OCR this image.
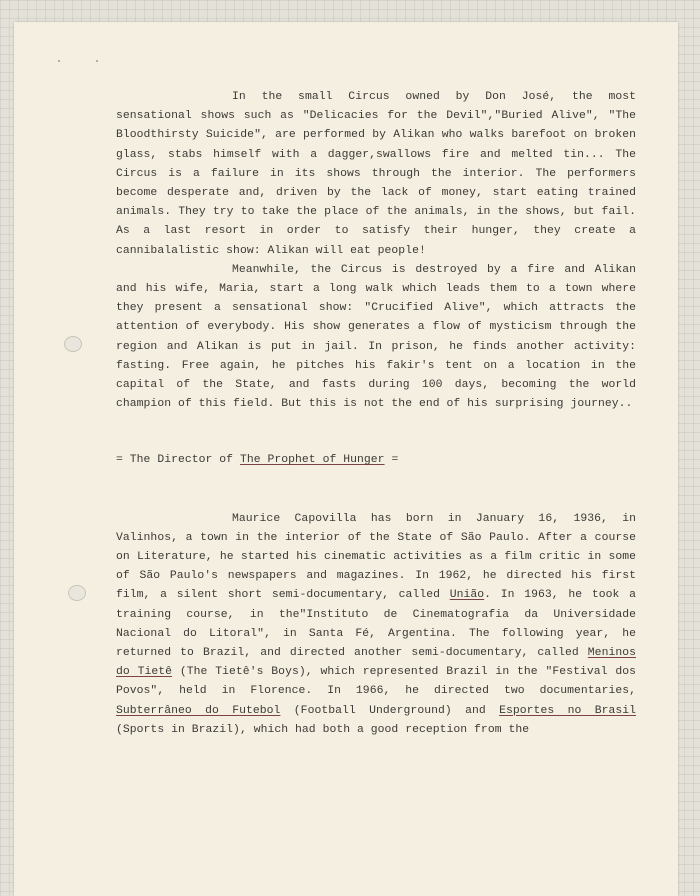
In the small Circus owned by Don José, the most sensational shows such as "Delicacies for the Devil","Buried Alive", "The Bloodthirsty Suicide", are performed by Alikan who walks barefoot on broken glass, stabs himself with a dagger,swallows fire and melted tin... The Circus is a failure in its shows through the interior. The performers become desperate and, driven by the lack of money, start eating trained animals. They try to take the place of the animals, in the shows, but fail. As a last resort in order to satisfy their hunger, they create a cannibalalistic show: Alikan will eat people!

Meanwhile, the Circus is destroyed by a fire and Alikan and his wife, Maria, start a long walk which leads them to a town where they present a sensational show: "Crucified Alive", which attracts the attention of everybody. His show generates a flow of mysticism through the region and Alikan is put in jail. In prison, he finds another activity: fasting. Free again, he pitches his fakir's tent on a location in the capital of the State, and fasts during 100 days, becoming the world champion of this field. But this is not the end of his surprising journey..

= The Director of The Prophet of Hunger =

Maurice Capovilla has born in January 16, 1936, in Valinhos, a town in the interior of the State of São Paulo. After a course on Literature, he started his cinematic activities as a film critic in some of São Paulo's newspapers and magazines. In 1962, he directed his first film, a silent short semi-documentary, called União. In 1963, he took a training course, in the"Instituto de Cinematografia da Universidade Nacional do Litoral", in Santa Fé, Argentina. The following year, he returned to Brazil, and directed another semi-documentary, called Meninos do Tietê (The Tietê's Boys), which represented Brazil in the "Festival dos Povos", held in Florence. In 1966, he directed two documentaries, Subterrâneo do Futebol (Football Underground) and Esportes no Brasil (Sports in Brazil), which had both a good reception from the
